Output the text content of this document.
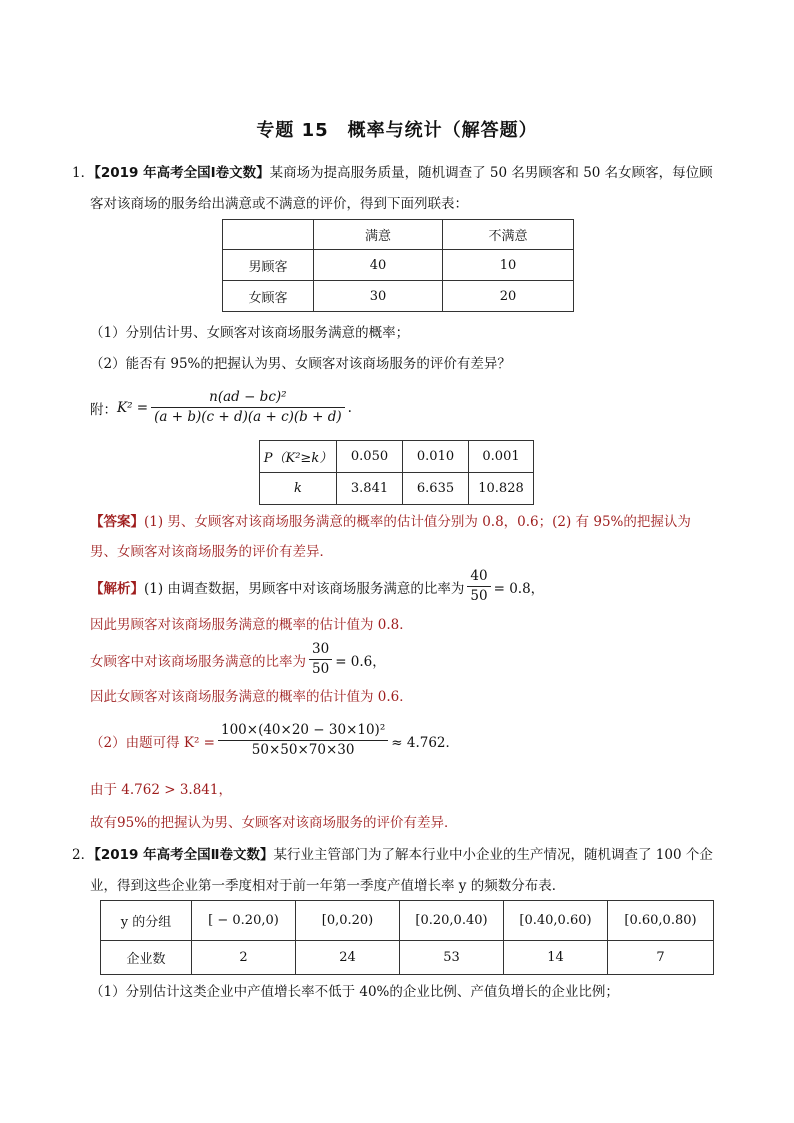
专题 15　概率与统计（解答题）
1．【2019 年高考全国Ⅰ卷文数】某商场为提高服务质量，随机调查了 50 名男顾客和 50 名女顾客，每位顾
客对该商场的服务给出满意或不满意的评价，得到下面列联表：
	满意	不满意
男顾客	40	10
女顾客	30	20
（1）分别估计男、女顾客对该商场服务满意的概率；
（2）能否有 95%的把握认为男、女顾客对该商场服务的评价有差异？
附： $K^2 = \frac{\text{n(ad − bc)²}}{(a + b)(c + d)(a + c)(b + d)}$ .
P（K²≥k）	0.050	0.010	0.001
k	3.841	6.635	10.828
【答案】(1) 男、女顾客对该商场服务满意的概率的估计值分别为 0.8，0.6；(2) 有 95%的把握认为
男、女顾客对该商场服务的评价有差异．
【解析】 (1) 由调查数据，男顾客中对该商场服务满意的比率为 $\frac{40}{50} = 0.8$，
因此男顾客对该商场服务满意的概率的估计值为 0.8．
女顾客中对该商场服务满意的比率为 $\frac{30}{50} = 0.6$，
因此女顾客对该商场服务满意的概率的估计值为 0.6．
（2）由题可得 $K^2 = \frac{\text{100×(40×20 − 30×10)²}}{50\times 50\times 70\times 30} \approx 4.762$．
由于 4.762 > 3.841，
故有95%的把握认为男、女顾客对该商场服务的评价有差异．
2．【2019 年高考全国Ⅱ卷文数】某行业主管部门为了解本行业中小企业的生产情况，随机调查了 100 个企
业，得到这些企业第一季度相对于前一年第一季度产值增长率 y 的频数分布表．
y 的分组	[ − 0.20,0)	[0,0.20)	[0.20,0.40)	[0.40,0.60)	[0.60,0.80)
企业数	2	24	53	14	7
（1）分别估计这类企业中产值增长率不低于 40%的企业比例、产值负增长的企业比例；
